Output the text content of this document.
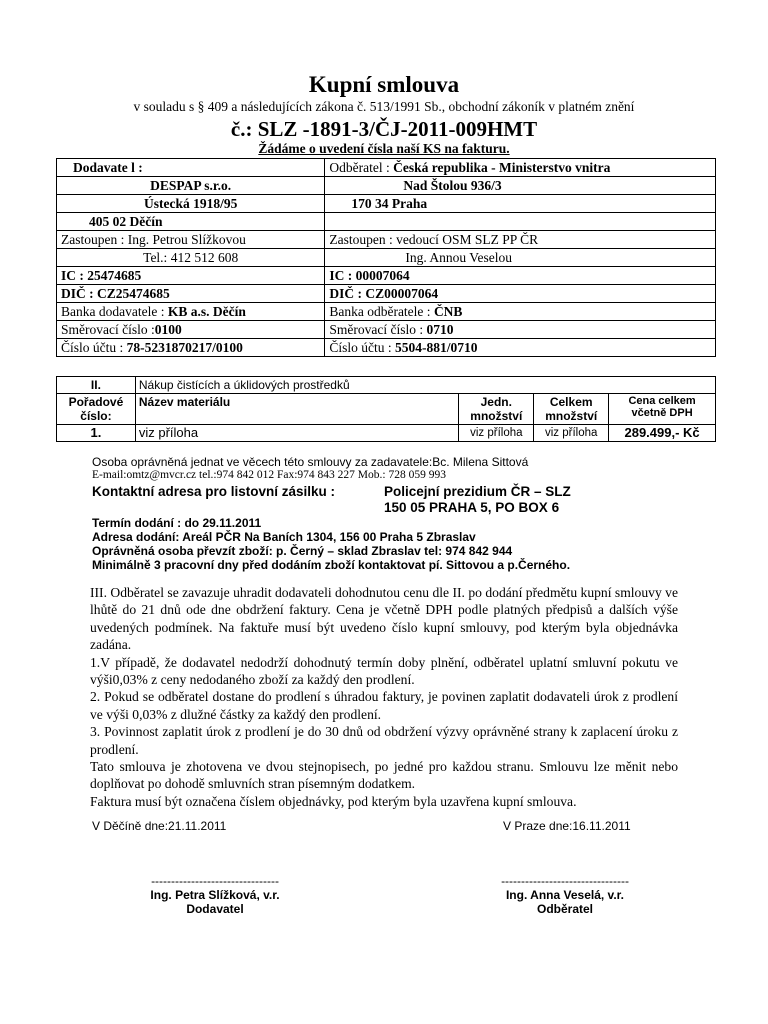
Kupní smlouva
v souladu s § 409 a následujících zákona č. 513/1991 Sb., obchodní zákoník v platném znění
č.: SLZ -1891-3/ČJ-2011-009HMT
Žádáme o uvedení čísla naší KS na fakturu.
Dodavate l :	Odběratel : Česká republika - Ministerstvo vnitra
DESPAP s.r.o.	Nad Štolou 936/3
Ústecká 1918/95	170 34 Praha
405 02 Děčín	
Zastoupen : Ing. Petrou Slížkovou	Zastoupen : vedoucí OSM SLZ PP ČR
Tel.: 412 512 608	Ing. Annou Veselou
IC : 25474685	IC : 00007064
DIČ : CZ25474685	DIČ : CZ00007064
Banka dodavatele : KB a.s. Děčín	Banka odběratele : ČNB
Směrovací číslo :0100	Směrovací číslo : 0710
Číslo účtu : 78-5231870217/0100	Číslo účtu : 5504-881/0710
II.	Nákup čistících a úklidových prostředků			
Pořadové číslo:	Název materiálu	Jedn. množství	Celkem množství	Cena celkem včetně DPH
1.	viz příloha	viz příloha	viz příloha	289.499,- Kč
Osoba oprávněná jednat ve věcech této smlouvy za zadavatele:Bc. Milena Sittová
E-mail:omtz@mvcr.cz tel.:974 842 012 Fax:974 843 227 Mob.: 728 059 993
Kontaktní adresa pro listovní zásilku :	Policejní prezidium ČR – SLZ
150 05 PRAHA 5, PO BOX 6
Termín dodání : do 29.11.2011
Adresa dodání: Areál PČR Na Baních 1304, 156 00 Praha 5 Zbraslav
Oprávněná osoba převzít zboží: p. Černý – sklad Zbraslav tel: 974 842 944
Minimálně 3 pracovní dny před dodáním zboží kontaktovat pí. Sittovou a p.Černého.

III. Odběratel se zavazuje uhradit dodavateli dohodnutou cenu dle II. po dodání předmětu kupní smlouvy ve lhůtě do 21 dnů ode dne obdržení faktury. Cena je včetně DPH podle platných předpisů a dalších výše uvedených podmínek. Na faktuře musí být uvedeno číslo kupní smlouvy, pod kterým byla objednávka zadána.

1.V případě, že dodavatel nedodrží dohodnutý termín doby plnění, odběratel uplatní smluvní pokutu ve výši0,03% z ceny nedodaného zboží za každý den prodlení.

2. Pokud se odběratel dostane do prodlení s úhradou faktury, je povinen zaplatit dodavateli úrok z prodlení ve výši 0,03% z dlužné částky za každý den prodlení.

3. Povinnost zaplatit úrok z prodlení je do 30 dnů od obdržení výzvy oprávněné strany k zaplacení úroku z prodlení.

Tato smlouva je zhotovena ve dvou stejnopisech, po jedné pro každou stranu. Smlouvu lze měnit nebo doplňovat po dohodě smluvních stran písemným dodatkem.

Faktura musí být označena číslem objednávky, pod kterým byla uzavřena kupní smlouva.

V Děčíně dne:21.11.2011	V Praze dne:16.11.2011
--------------------------------
Ing. Petra Slížková, v.r.
Dodavatel
--------------------------------
Ing. Anna Veselá, v.r.
Odběratel
